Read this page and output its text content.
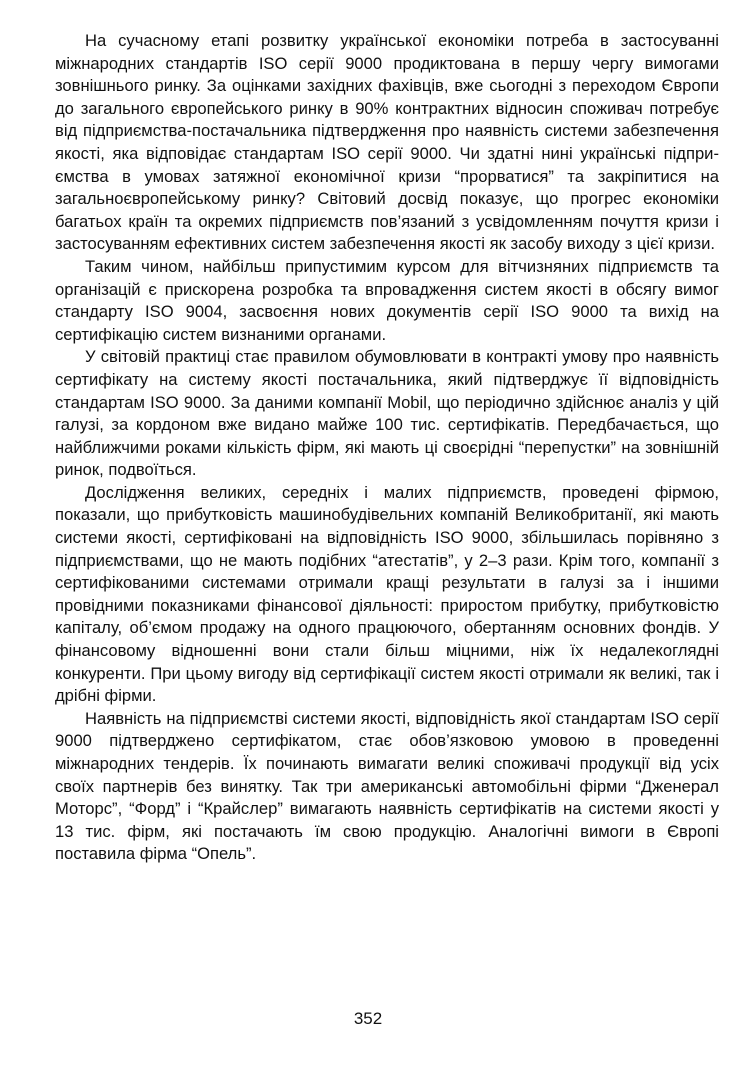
На сучасному етапі розвитку української економіки потреба в застосуванні міжнародних стандартів ISO серії 9000 продиктована в першу чергу вимогами зовнішнього ринку. За оцінками західних фахівців, вже сьогодні з переходом Європи до загального європейського ринку в 90% контрактних відносин споживач потребує від підприємства-постачальника підтвердження про наявність системи забезпечення якості, яка відповідає стандартам ISO серії 9000. Чи здатні нині українські підприємства в умовах затяжної економічної кризи “прорватися” та закріпитися на загальноєвропейському ринку? Світовий досвід показує, що прогрес економіки багатьох країн та окремих підприємств пов’язаний з усвідомленням почуття кризи і застосуванням ефективних систем забезпечення якості як засобу виходу з цієї кризи.

Таким чином, найбільш припустимим курсом для вітчизняних підприємств та організацій є прискорена розробка та впровадження систем якості в обсягу вимог стандарту ISO 9004, засвоєння нових документів серії ISO 9000 та вихід на сертифікацію систем визнаними органами.

У світовій практиці стає правилом обумовлювати в контракті умову про наявність сертифікату на систему якості постачальника, який підтверджує її відповідність стандартам ISO 9000. За даними компанії Mobil, що періодично здійснює аналіз у цій галузі, за кордоном вже видано майже 100 тис. сертифікатів. Передбачається, що найближчими роками кількість фірм, які мають ці своєрідні “перепустки” на зовнішній ринок, подвоїться.

Дослідження великих, середніх і малих підприємств, проведені фірмою, показали, що прибутковість машинобудівельних компаній Великобританії, які мають системи якості, сертифіковані на відповідність ISO 9000, збільшилась порівняно з підприємствами, що не мають подібних “атестатів”, у 2–3 рази. Крім того, компанії з сертифікованими системами отримали кращі результати в галузі за і іншими провідними показниками фінансової діяльності: приростом прибутку, прибутковістю капіталу, об’ємом продажу на одного працюючого, обертанням основних фондів. У фінансовому відношенні вони стали більш міцними, ніж їх недалекоглядні конкуренти. При цьому вигоду від сертифікації систем якості отримали як великі, так і дрібні фірми.

Наявність на підприємстві системи якості, відповідність якої стандартам ISO серії 9000 підтверджено сертифікатом, стає обов’язковою умовою в проведенні міжнародних тендерів. Їх починають вимагати великі споживачі продукції від усіх своїх партнерів без винятку. Так три американські автомобільні фірми “Дженерал Моторс”, “Форд” і “Крайслер” вимагають наявність сертифікатів на системи якості у 13 тис. фірм, які постачають їм свою продукцію. Аналогічні вимоги в Європі поставила фірма “Опель”.

352
